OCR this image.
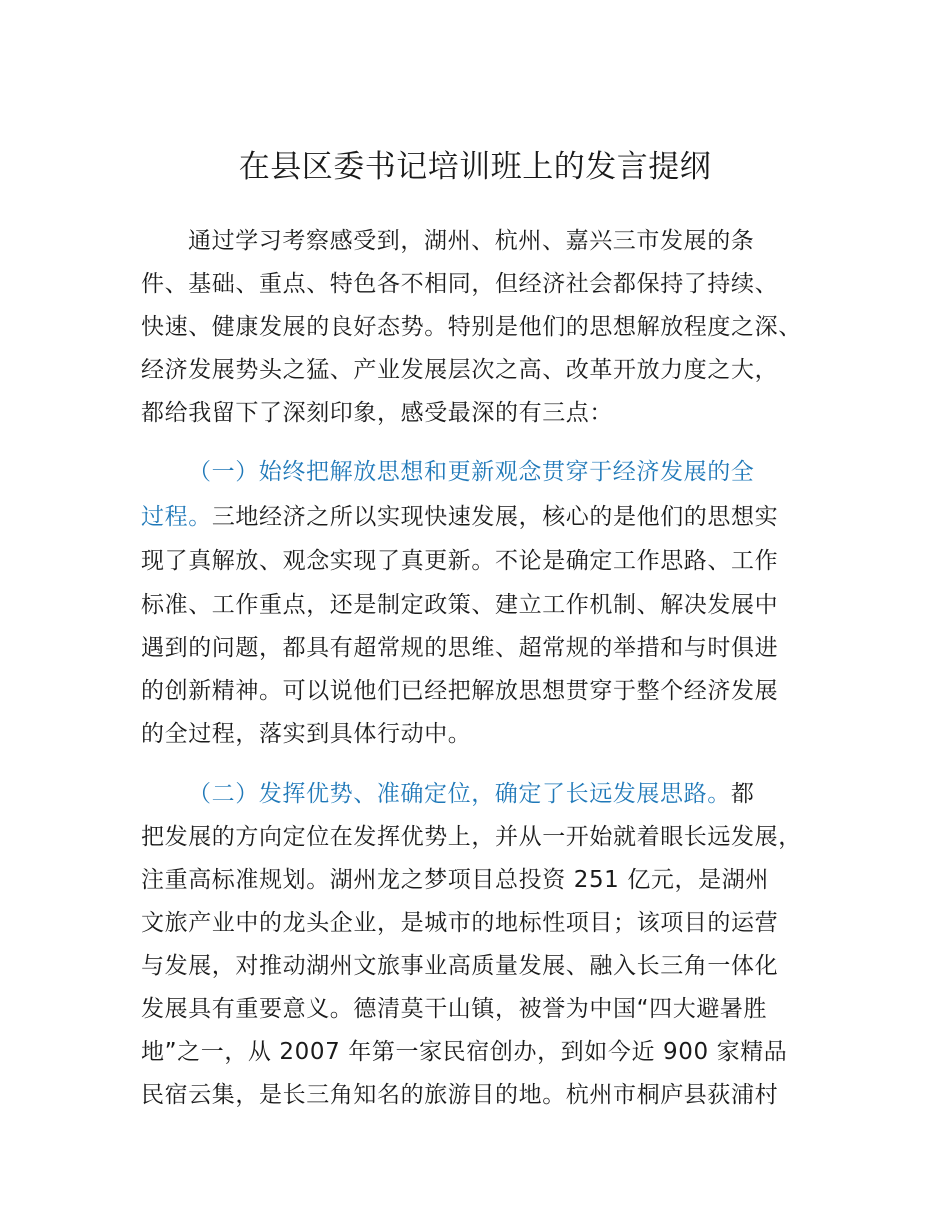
在县区委书记培训班上的发言提纲
通过学习考察感受到，湖州、杭州、嘉兴三市发展的条
件、基础、重点、特色各不相同，但经济社会都保持了持续、
快速、健康发展的良好态势。特别是他们的思想解放程度之深、
经济发展势头之猛、产业发展层次之高、改革开放力度之大，
都给我留下了深刻印象，感受最深的有三点：
（一）始终把解放思想和更新观念贯穿于经济发展的全
过程。三地经济之所以实现快速发展，核心的是他们的思想实
现了真解放、观念实现了真更新。不论是确定工作思路、工作
标准、工作重点，还是制定政策、建立工作机制、解决发展中
遇到的问题，都具有超常规的思维、超常规的举措和与时俱进
的创新精神。可以说他们已经把解放思想贯穿于整个经济发展
的全过程，落实到具体行动中。
（二）发挥优势、准确定位，确定了长远发展思路。都
把发展的方向定位在发挥优势上，并从一开始就着眼长远发展，
注重高标准规划。湖州龙之梦项目总投资 251 亿元，是湖州
文旅产业中的龙头企业，是城市的地标性项目；该项目的运营
与发展，对推动湖州文旅事业高质量发展、融入长三角一体化
发展具有重要意义。德清莫干山镇，被誉为中国“四大避暑胜
地”之一，从 2007 年第一家民宿创办，到如今近 900 家精品
民宿云集，是长三角知名的旅游目的地。杭州市桐庐县荻浦村
